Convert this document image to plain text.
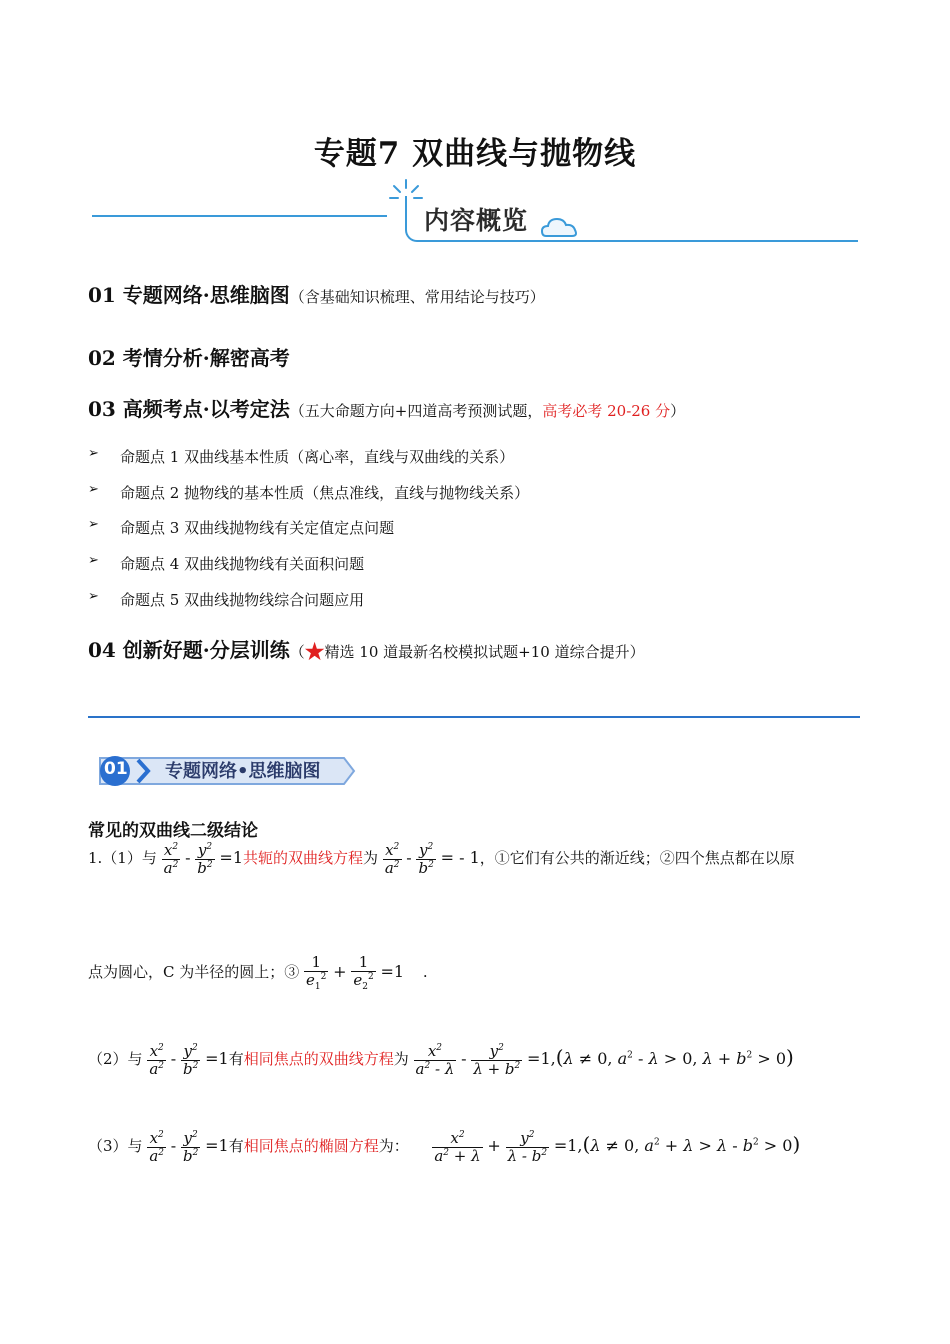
专题7 双曲线与抛物线
内容概览
01 专题网络·思维脑图（含基础知识梳理、常用结论与技巧）
02 考情分析·解密高考
03 高频考点·以考定法（五大命题方向+四道高考预测试题，高考必考 20-26 分）
➢ 命题点 1 双曲线基本性质（离心率，直线与双曲线的关系）
➢ 命题点 2 抛物线的基本性质（焦点准线，直线与抛物线关系）
➢ 命题点 3 双曲线抛物线有关定值定点问题
➢ 命题点 4 双曲线抛物线有关面积问题
➢ 命题点 5 双曲线抛物线综合问题应用
04 创新好题·分层训练（★精选 10 道最新名校模拟试题+10 道综合提升）
01 专题网络•思维脑图
常见的双曲线二级结论
1.（1）与 $\frac{x^2}{a^2} - \frac{y^2}{b^2} =1$共轭的双曲线方程为 $\frac{x^2}{a^2} - \frac{y^2}{b^2}$ = - 1，①它们有公共的渐近线；②四个焦点都在以原
点为圆心，C 为半径的圆上；③ $\frac{1}{e_1^2} + \frac{1}{e_2^2} =1$ .
（2）与 $\frac{x^2}{a^2} - \frac{y^2}{b^2} =1$有相同焦点的双曲线方程为 $\frac{x^2}{a^2 - \lambda} - \frac{y^2}{\lambda + b^2} =1,(\lambda \ne 0$, $a^2 - \lambda > 0$, $\lambda + b^2 > 0$)
（3）与 $\frac{x^2}{a^2} - \frac{y^2}{b^2} =1$有相同焦点的椭圆方程为： $\frac{x^2}{a^2 + \lambda} + \frac{y^2}{\lambda - b^2} =1,(\lambda \ne 0$, $a^2 + \lambda > \lambda - b^2 > 0$)
